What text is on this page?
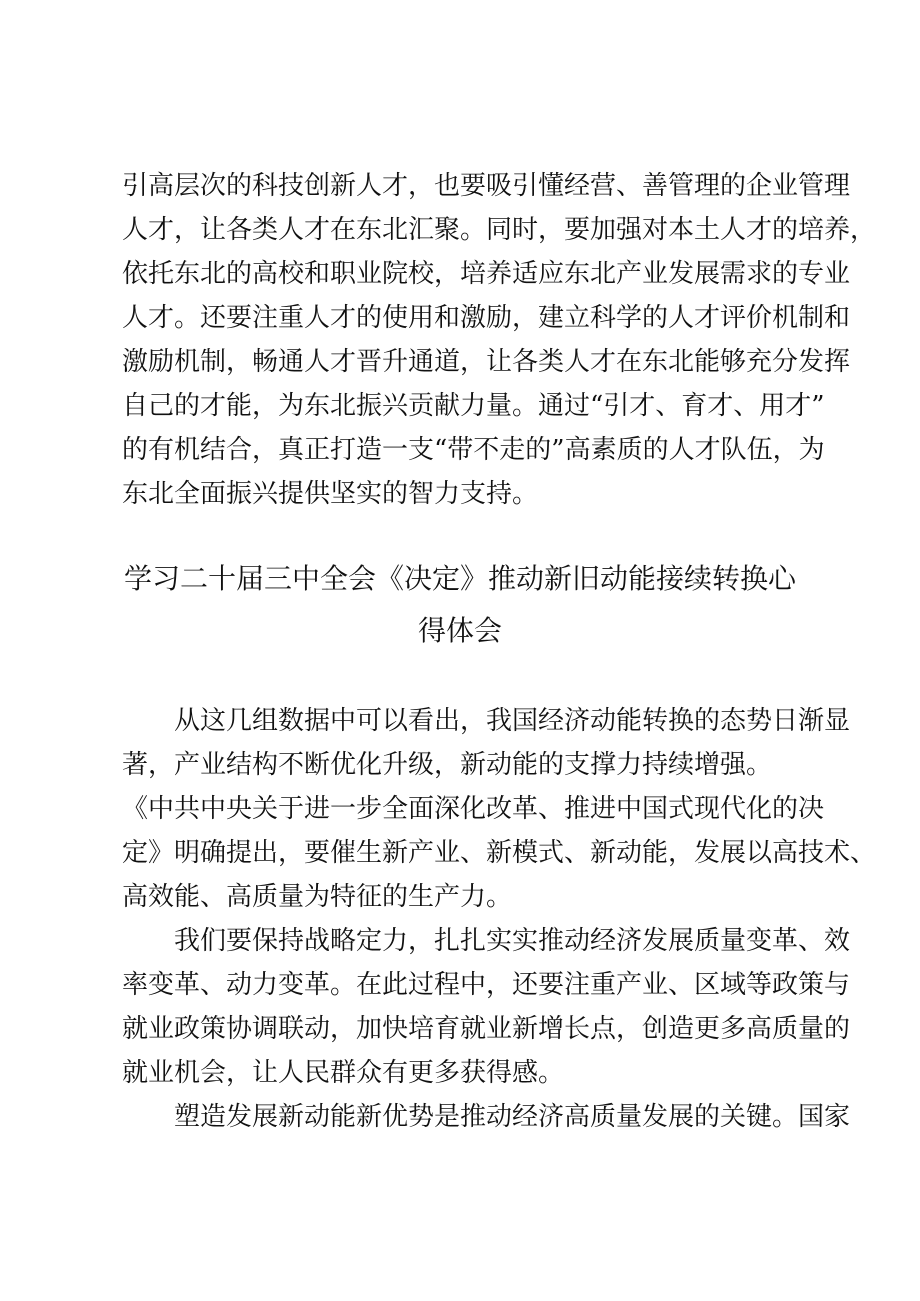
引高层次的科技创新人才，也要吸引懂经营、善管理的企业管理
人才，让各类人才在东北汇聚。同时，要加强对本土人才的培养，
依托东北的高校和职业院校，培养适应东北产业发展需求的专业
人才。还要注重人才的使用和激励，建立科学的人才评价机制和
激励机制，畅通人才晋升通道，让各类人才在东北能够充分发挥
自己的才能，为东北振兴贡献力量。通过“引才、育才、用才”
的有机结合，真正打造一支“带不走的”高素质的人才队伍，为
东北全面振兴提供坚实的智力支持。
学习二十届三中全会《决定》推动新旧动能接续转换心
得体会
从这几组数据中可以看出，我国经济动能转换的态势日渐显
著，产业结构不断优化升级，新动能的支撑力持续增强。
《中共中央关于进一步全面深化改革、推进中国式现代化的决
定》明确提出，要催生新产业、新模式、新动能，发展以高技术、
高效能、高质量为特征的生产力。
我们要保持战略定力，扎扎实实推动经济发展质量变革、效
率变革、动力变革。在此过程中，还要注重产业、区域等政策与
就业政策协调联动，加快培育就业新增长点，创造更多高质量的
就业机会，让人民群众有更多获得感。
塑造发展新动能新优势是推动经济高质量发展的关键。国家
